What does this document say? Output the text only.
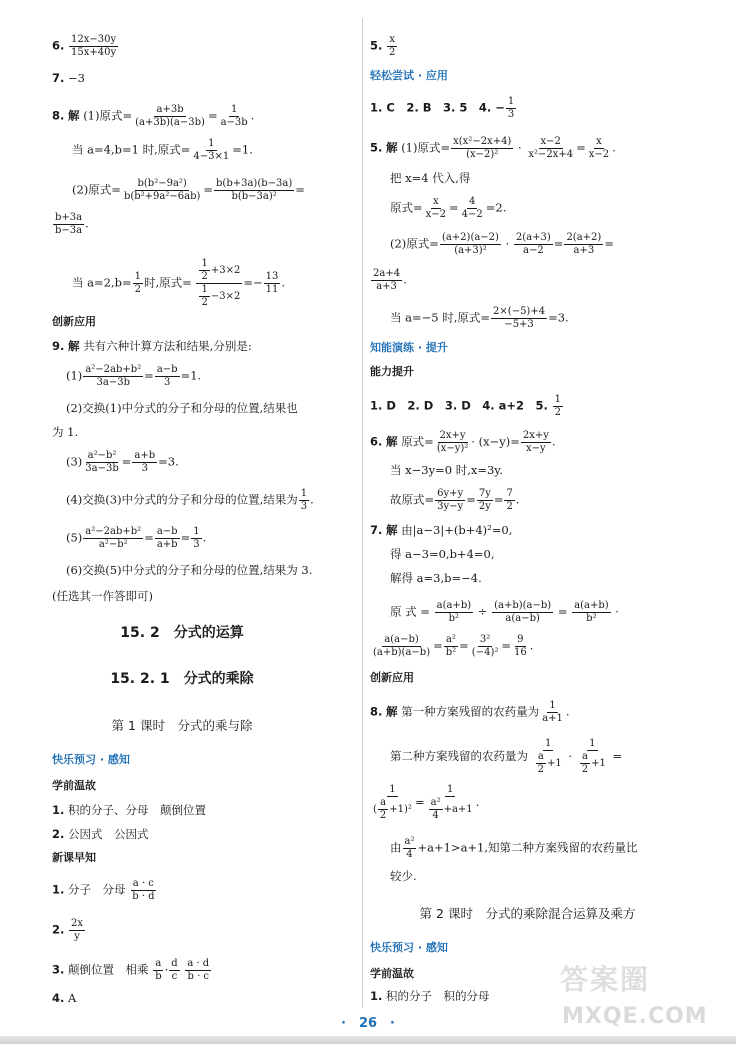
6. $\frac{12x-30y}{15x+40y}$
7. −3
8. 解 (1)原式= $\frac{a+3b}{(a+3b)(a-3b)} = \frac{1}{a-3b}$ .
当 a=4,b=1 时,原式= $\frac{1}{4-3\times 1} =1$.
(2)原式= $\frac{\text{b(b²−9a²)}}{\text{b(b²+9a²−6ab)}} = \frac{b(b+3a)(b-3a)}{\text{b(b−3a)²}}$ =
$\frac{b+3a}{b-3a}$ .
当 $a=2,b= \frac{1}{2}$ 时,原式= $\frac{\frac{1}{2} +3\times 2}{\frac{1}{2} -3\times 2} =- \frac{13}{11}$ .
创新应用
9. 解 共有六种计算方法和结果,分别是:
$(1) \frac{\text{a²−2ab+b²}}{3a-3b} = \frac{a-b}{3} =1$.
(2)交换(1)中分式的分子和分母的位置,结果也
为 1.
$(3) \frac{\text{a²−b²}}{3a-3b} = \frac{a+b}{3} =3$.
(4)交换(3)中分式的分子和分母的位置,结果为 $\frac{1}{3}$ .
$(5) \frac{\text{a²−2ab+b²}}{\text{a²−b²}} = \frac{a-b}{a+b} = \frac{1}{3}$ .
(6)交换(5)中分式的分子和分母的位置,结果为 3.
(任选其一作答即可)
15. 2　分式的运算
15. 2. 1　分式的乘除
第 1 课时　分式的乘与除
快乐预习 · 感知
学前温故
1. 积的分子、分母　颠倒位置
2. 公因式　公因式
新课早知
1. 分子　分母 $\frac{a \cdot c}{b \cdot d}$
2. $\frac{2x}{y}$
3. 颠倒位置　相乘 $\frac{a}{b} \cdot \frac{d}{c}$
$\frac{a \cdot d}{b \cdot c}$
4. A
5. $\frac{x}{2}$
轻松尝试 · 应用
1. C　2. B　3. 5　4. − $\frac{1}{3}$
5. 解 (1)原式= $\frac{\text{x(x²−2x+4)}}{\text{(x−2)²}} \cdot \frac{x-2}{\text{x²−2x+4}} = \frac{x}{x-2}$ .
把 x=4 代入,得
原式= $\frac{x}{x-2} = \frac{4}{4-2} =2$.
(2)原式= $\frac{(a+2)(a-2)}{\text{(a+3)²}} \cdot \frac{2(a+3)}{a-2} = \frac{2(a+2)}{a+3}$ =
$\frac{2a+4}{a+3}$ .
当 a=−5 时,原式= $\frac{2\times(-5)+4}{-5+3} =3$.
知能演练 · 提升
能力提升
1. D　2. D　3. D　4. a+2　5. $\frac{1}{2}$
6. 解 原式= $\frac{2x+y}{\text{(x−y)²}} \cdot (x-y)= \frac{2x+y}{x-y}$ .
当 x−3y=0 时,x=3y.
故原式= $\frac{6y+y}{3y-y} = \frac{7y}{2y} = \frac{7}{2}$ .
7. 解 由|a−3|+(b+4)²=0,
得 a−3=0,b+4=0,
解得 a=3,b=−4.
原 式 = $\frac{a(a+b)}{\text{b²}} \div \frac{(a+b)(a-b)}{a(a-b)} = \frac{a(a+b)}{\text{b²}}$ ·
$\frac{a(a-b)}{(a+b)(a-b)} = \frac{\text{a²}}{\text{b²}} = \frac{\text{3²}}{\text{(−4)²}} = \frac{9}{16}$ .
创新应用
8. 解 第一种方案残留的农药量为 $\frac{1}{a+1}$ .
第二种方案残留的农药量为 $\frac{1}{\frac{a}{2} +1} \cdot \frac{1}{\frac{a}{2} +1}$ =
$\frac{1}{( \frac{a}{2} +1 )^2} = \frac{1}{\frac{\text{a²}}{4} +a+1}$ .
由 $\frac{\text{a²}}{4} +a+1>a+1$,知第二种方案残留的农药量比
较少.
第 2 课时　分式的乘除混合运算及乘方
快乐预习 · 感知
学前温故
1. 积的分子　积的分母	答案圈
MXQE.COM
·　26　·
